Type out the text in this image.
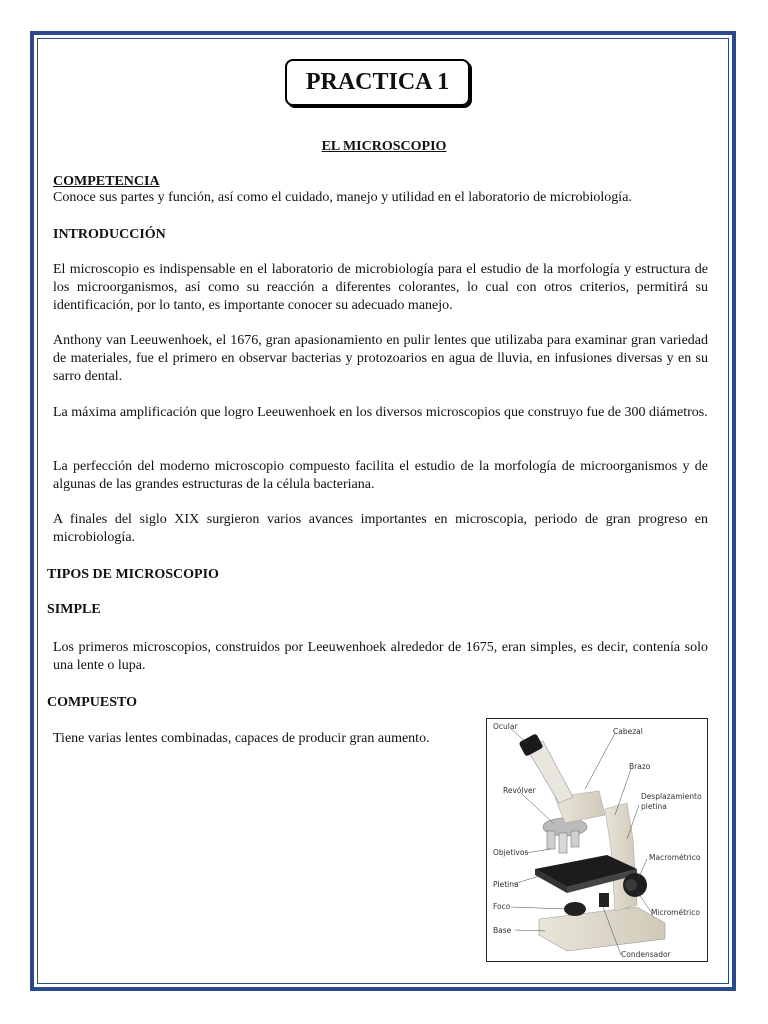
PRACTICA 1
EL MICROSCOPIO
COMPETENCIA
Conoce sus partes y función, así como el cuidado, manejo y utilidad en el laboratorio de microbiología.
INTRODUCCIÓN
El microscopio es indispensable en el laboratorio de microbiología para el estudio de la morfología y estructura de los microorganismos, así como su reacción a diferentes colorantes, lo cual con otros criterios, permitirá su identificación, por lo tanto, es importante conocer su adecuado manejo.
Anthony van Leeuwenhoek, el 1676, gran apasionamiento en pulir lentes que utilizaba para examinar gran variedad de materiales, fue el primero en observar bacterias y protozoarios en agua de lluvia, en infusiones diversas y en su sarro dental.
La máxima amplificación que logro Leeuwenhoek en los diversos microscopios que construyo fue de 300 diámetros.
La perfección del moderno microscopio compuesto facilita el estudio de la morfología de microorganismos y de algunas de las grandes estructuras de la célula bacteriana.
A finales del siglo XIX surgieron varios avances importantes en microscopia, periodo de gran progreso en microbiología.
TIPOS DE MICROSCOPIO
SIMPLE
Los primeros microscopios, construidos por Leeuwenhoek alrededor de 1675, eran simples, es decir, contenía solo una lente o lupa.
COMPUESTO
Tiene varias lentes combinadas, capaces de producir gran aumento.
Ocular
Cabezal
Brazo
Revólver
Desplazamiento
pletina
Objetivos
Macrométrico
Pletina
Foco
Micrométrico
Base
Condensador
